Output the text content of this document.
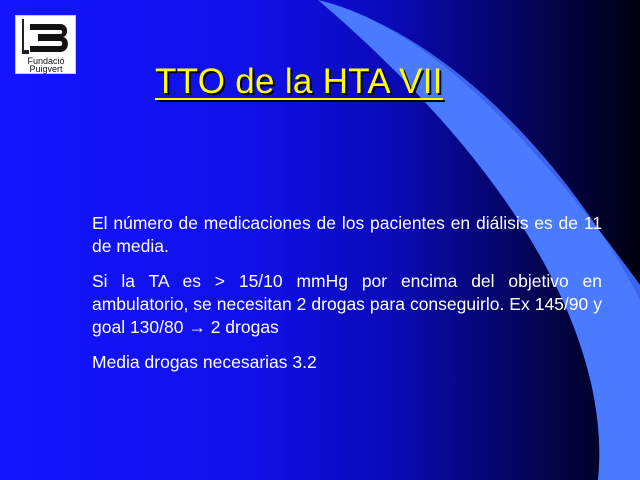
Fundació
Puigvert	TTO de la HTA VII

El número de medicaciones de los pacientes en diálisis es de 11 de media.

Si la TA es > 15/10 mmHg por encima del objetivo en ambulatorio, se necesitan 2 drogas para conseguirlo. Ex 145/90 y goal 130/80 → 2 drogas

Media drogas necesarias 3.2
